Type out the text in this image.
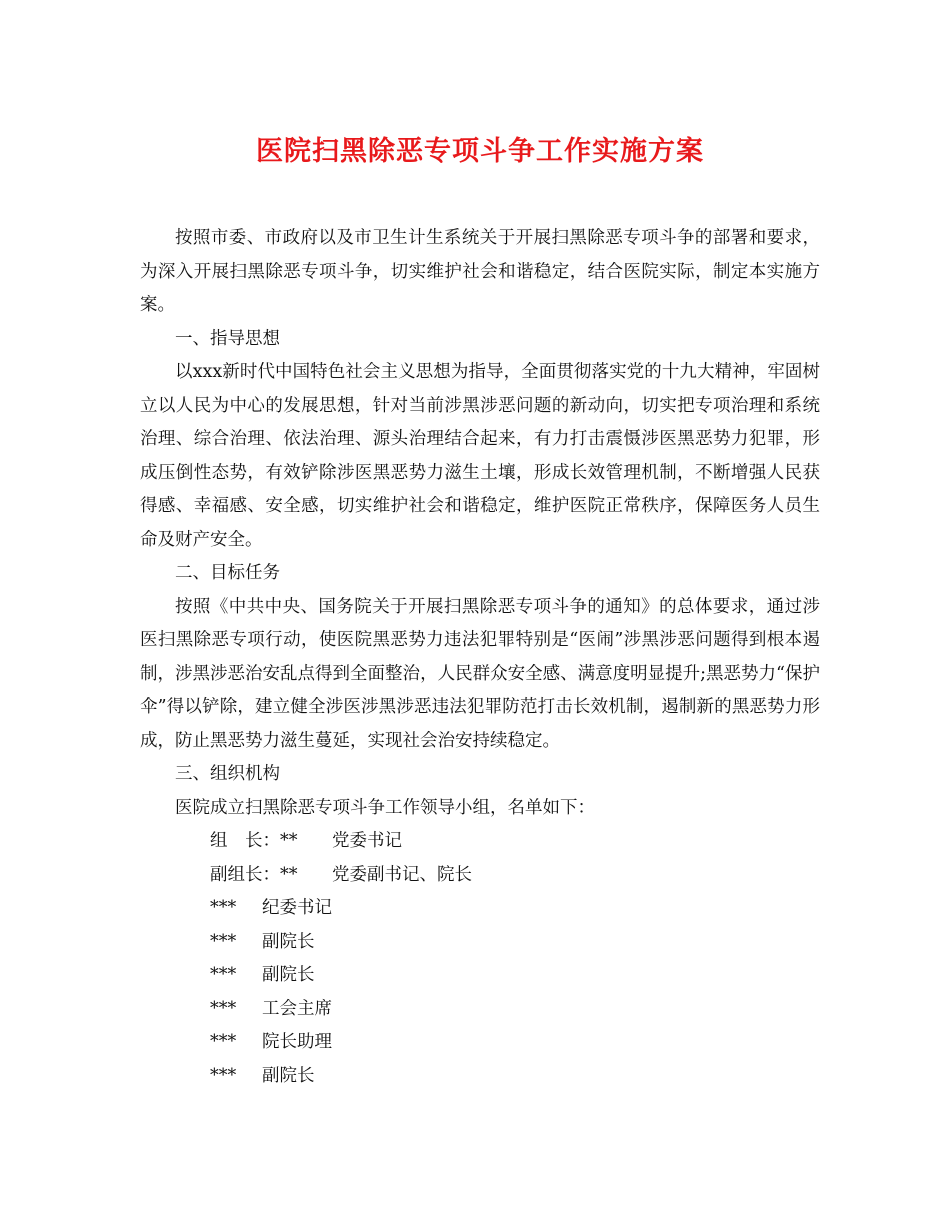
医院扫黑除恶专项斗争工作实施方案

按照市委、市政府以及市卫生计生系统关于开展扫黑除恶专项斗争的部署和要求，为深入开展扫黑除恶专项斗争，切实维护社会和谐稳定，结合医院实际，制定本实施方案。

一、指导思想

以xxx新时代中国特色社会主义思想为指导，全面贯彻落实党的十九大精神，牢固树立以人民为中心的发展思想，针对当前涉黑涉恶问题的新动向，切实把专项治理和系统治理、综合治理、依法治理、源头治理结合起来，有力打击震慑涉医黑恶势力犯罪，形成压倒性态势，有效铲除涉医黑恶势力滋生土壤，形成长效管理机制，不断增强人民获得感、幸福感、安全感，切实维护社会和谐稳定，维护医院正常秩序，保障医务人员生命及财产安全。

二、目标任务

按照《中共中央、国务院关于开展扫黑除恶专项斗争的通知》的总体要求，通过涉医扫黑除恶专项行动，使医院黑恶势力违法犯罪特别是“医闹”涉黑涉恶问题得到根本遏制，涉黑涉恶治安乱点得到全面整治，人民群众安全感、满意度明显提升;黑恶势力“保护伞”得以铲除，建立健全涉医涉黑涉恶违法犯罪防范打击长效机制，遏制新的黑恶势力形成，防止黑恶势力滋生蔓延，实现社会治安持续稳定。

三、组织机构

医院成立扫黑除恶专项斗争工作领导小组，名单如下：

组　长：** 党委书记
副组长：** 党委副书记、院长
*** 纪委书记
*** 副院长
*** 副院长
*** 工会主席
*** 院长助理
*** 副院长
